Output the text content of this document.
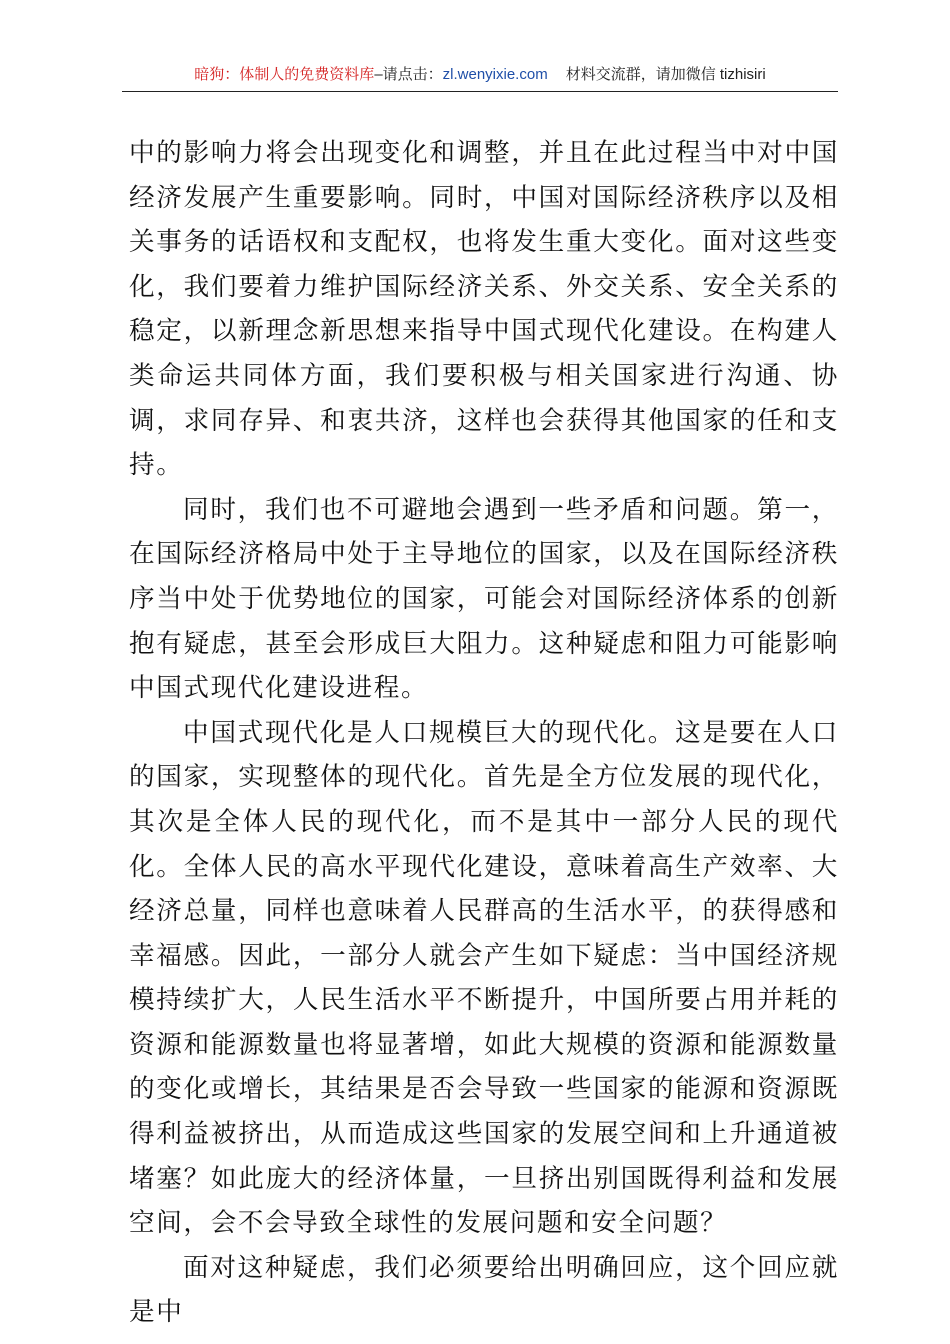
暗狗：体制人的免费资料库–请点击：zl.wenyixie.com 材料交流群，请加微信 tizhisiri

中的影响力将会出现变化和调整，并且在此过程当中对中国经济发展产生重要影响。同时，中国对国际经济秩序以及相关事务的话语权和支配权，也将发生重大变化。面对这些变化，我们要着力维护国际经济关系、外交关系、安全关系的稳定，以新理念新思想来指导中国式现代化建设。在构建人类命运共同体方面，我们要积极与相关国家进行沟通、协调，求同存异、和衷共济，这样也会获得其他国家的任和支持。

同时，我们也不可避地会遇到一些矛盾和问题。第一，在国际经济格局中处于主导地位的国家，以及在国际经济秩序当中处于优势地位的国家，可能会对国际经济体系的创新抱有疑虑，甚至会形成巨大阻力。这种疑虑和阻力可能影响中国式现代化建设进程。

中国式现代化是人口规模巨大的现代化。这是要在人口的国家，实现整体的现代化。首先是全方位发展的现代化，其次是全体人民的现代化，而不是其中一部分人民的现代化。全体人民的高水平现代化建设，意味着高生产效率、大经济总量，同样也意味着人民群高的生活水平，的获得感和幸福感。因此，一部分人就会产生如下疑虑：当中国经济规模持续扩大，人民生活水平不断提升，中国所要占用并耗的资源和能源数量也将显著增，如此大规模的资源和能源数量的变化或增长，其结果是否会导致一些国家的能源和资源既得利益被挤出，从而造成这些国家的发展空间和上升通道被堵塞？如此庞大的经济体量，一旦挤出别国既得利益和发展空间，会不会导致全球性的发展问题和安全问题？

面对这种疑虑，我们必须要给出明确回应，这个回应就是中
